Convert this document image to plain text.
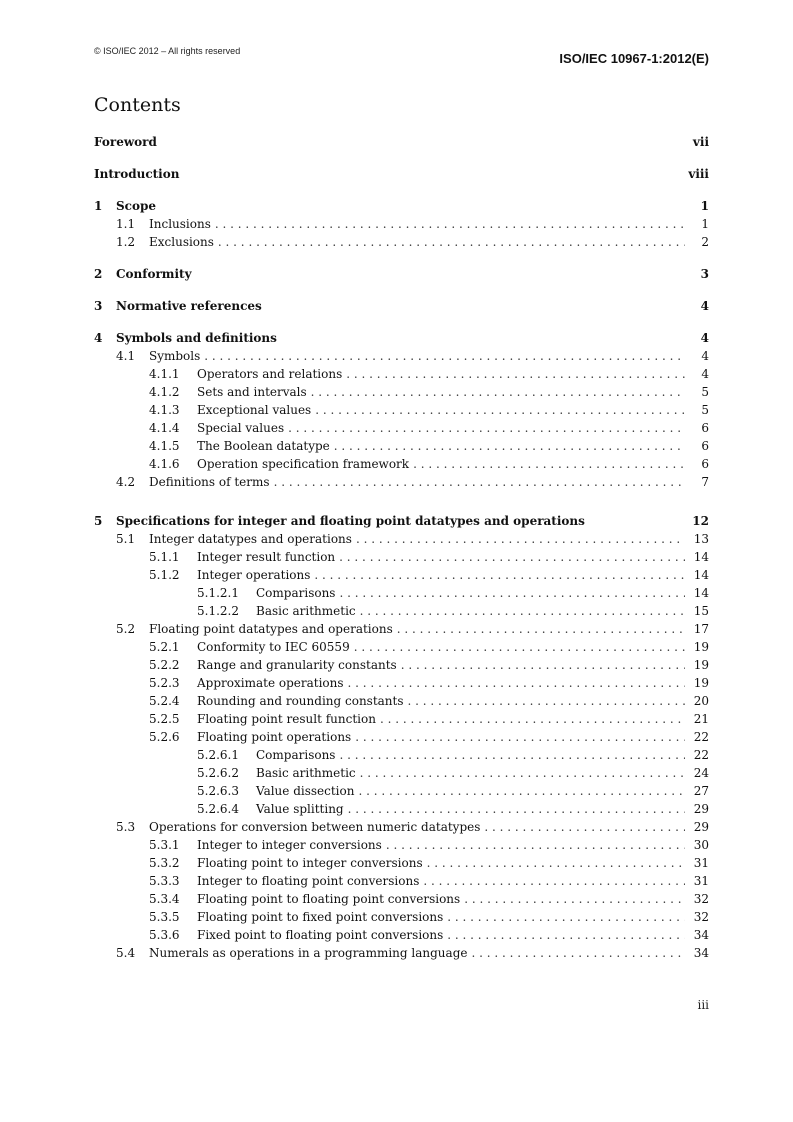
© ISO/IEC 2012 – All rights reserved	ISO/IEC 10967-1:2012(E)
Contents
Foreword	vii
Introduction	viii
1	Scope	1
1.1	Inclusions . . .	1
1.2	Exclusions . . .	2
2	Conformity	3
3	Normative references	4
4	Symbols and definitions	4
4.1	Symbols . . .	4
4.1.1	Operators and relations . . .	4
4.1.2	Sets and intervals . . .	5
4.1.3	Exceptional values . . .	5
4.1.4	Special values . . .	6
4.1.5	The Boolean datatype . . .	6
4.1.6	Operation specification framework . . .	6
4.2	Definitions of terms . . .	7
5	Specifications for integer and floating point datatypes and operations	12
5.1	Integer datatypes and operations . . .	13
5.1.1	Integer result function . . .	14
5.1.2	Integer operations . . .	14
5.1.2.1	Comparisons . . .	14
5.1.2.2	Basic arithmetic . . .	15
5.2	Floating point datatypes and operations . . .	17
5.2.1	Conformity to IEC 60559 . . .	19
5.2.2	Range and granularity constants . . .	19
5.2.3	Approximate operations . . .	19
5.2.4	Rounding and rounding constants . . .	20
5.2.5	Floating point result function . . .	21
5.2.6	Floating point operations . . .	22
5.2.6.1	Comparisons . . .	22
5.2.6.2	Basic arithmetic . . .	24
5.2.6.3	Value dissection . . .	27
5.2.6.4	Value splitting . . .	29
5.3	Operations for conversion between numeric datatypes . . .	29
5.3.1	Integer to integer conversions . . .	30
5.3.2	Floating point to integer conversions . . .	31
5.3.3	Integer to floating point conversions . . .	31
5.3.4	Floating point to floating point conversions . . .	32
5.3.5	Floating point to fixed point conversions . . .	32
5.3.6	Fixed point to floating point conversions . . .	34
5.4	Numerals as operations in a programming language . . .	34
iii
